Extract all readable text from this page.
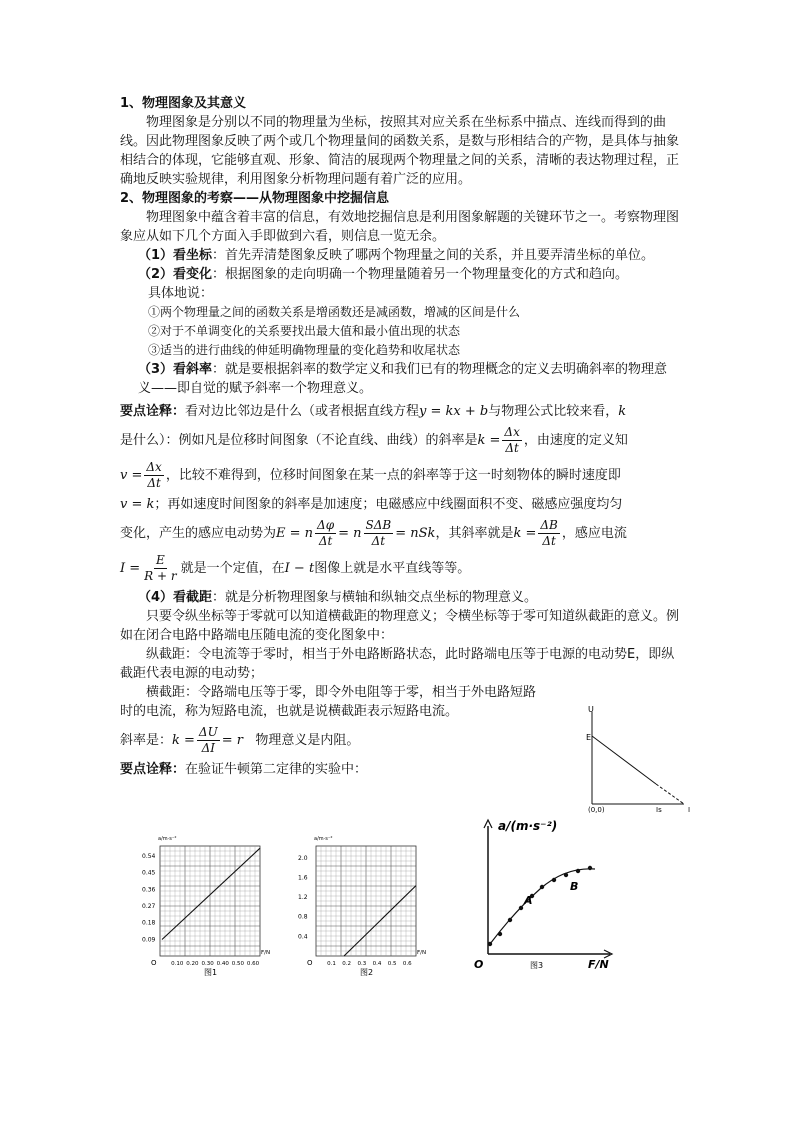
1、物理图象及其意义

物理图象是分别以不同的物理量为坐标，按照其对应关系在坐标系中描点、连线而得到的曲线。因此物理图象反映了两个或几个物理量间的函数关系，是数与形相结合的产物，是具体与抽象相结合的体现，它能够直观、形象、简洁的展现两个物理量之间的关系，清晰的表达物理过程，正确地反映实验规律，利用图象分析物理问题有着广泛的应用。

2、物理图象的考察——从物理图象中挖掘信息

物理图象中蕴含着丰富的信息，有效地挖掘信息是利用图象解题的关键环节之一。考察物理图象应从如下几个方面入手即做到六看，则信息一览无余。

（1）看坐标：首先弄清楚图象反映了哪两个物理量之间的关系，并且要弄清坐标的单位。

（2）看变化：根据图象的走向明确一个物理量随着另一个物理量变化的方式和趋向。

具体地说：

①两个物理量之间的函数关系是增函数还是减函数，增减的区间是什么

②对于不单调变化的关系要找出最大值和最小值出现的状态

③适当的进行曲线的伸延明确物理量的变化趋势和收尾状态

（3）看斜率：就是要根据斜率的数学定义和我们已有的物理概念的定义去明确斜率的物理意义——即自觉的赋予斜率一个物理意义。

要点诠释：看对边比邻边是什么（或者根据直线方程y = kx + b与物理公式比较来看，k

是什么）：例如凡是位移时间图象（不论直线、曲线）的斜率是$k = \frac{\Delta x}{\Delta t}$ ，由速度的定义知

$v = \frac{\Delta x}{\Delta t}$ ，比较不难得到，位移时间图象在某一点的斜率等于这一时刻物体的瞬时速度即

v = k；再如速度时间图象的斜率是加速度；电磁感应中线圈面积不变、磁感应强度均匀

变化，产生的感应电动势为E = n $\frac{\Delta\varphi}{\Delta t} = n \frac{\text{SΔB}}{\Delta t}$ = nSk，其斜率就是$k = \frac{\Delta B}{\Delta t}$ ，感应电流

$I = \frac{E}{R + r}$ 就是一个定值，在I − t图像上就是水平直线等等。

（4）看截距：就是分析物理图象与横轴和纵轴交点坐标的物理意义。

只要令纵坐标等于零就可以知道横截距的物理意义；令横坐标等于零可知道纵截距的意义。例如在闭合电路中路端电压随电流的变化图象中：

纵截距：令电流等于零时，相当于外电路断路状态，此时路端电压等于电源的电动势E，即纵截距代表电源的电动势；

横截距：令路端电压等于零，即令外电阻等于零，相当于外电路短路时的电流，称为短路电流，也就是说横截距表示短路电流。

斜率是：$k = \frac{\Delta U}{\Delta I} = r$ 物理意义是内阻。

要点诠释：在验证牛顿第二定律的实验中：

U
E
(0,0)	Is	I
a/m·s⁻²
0.54
0.45
0.36
0.27
0.18
0.09
0.10 0.20 0.30 0.40 0.50 0.60
O
F/N
图1
a/m·s⁻²
2.0
1.6
1.2
0.8
0.4
0.1 0.2 0.3 0.4 0.5 0.6
O
F/N
图2
a/(m·s⁻²)
A
B
O	图3	F/N
